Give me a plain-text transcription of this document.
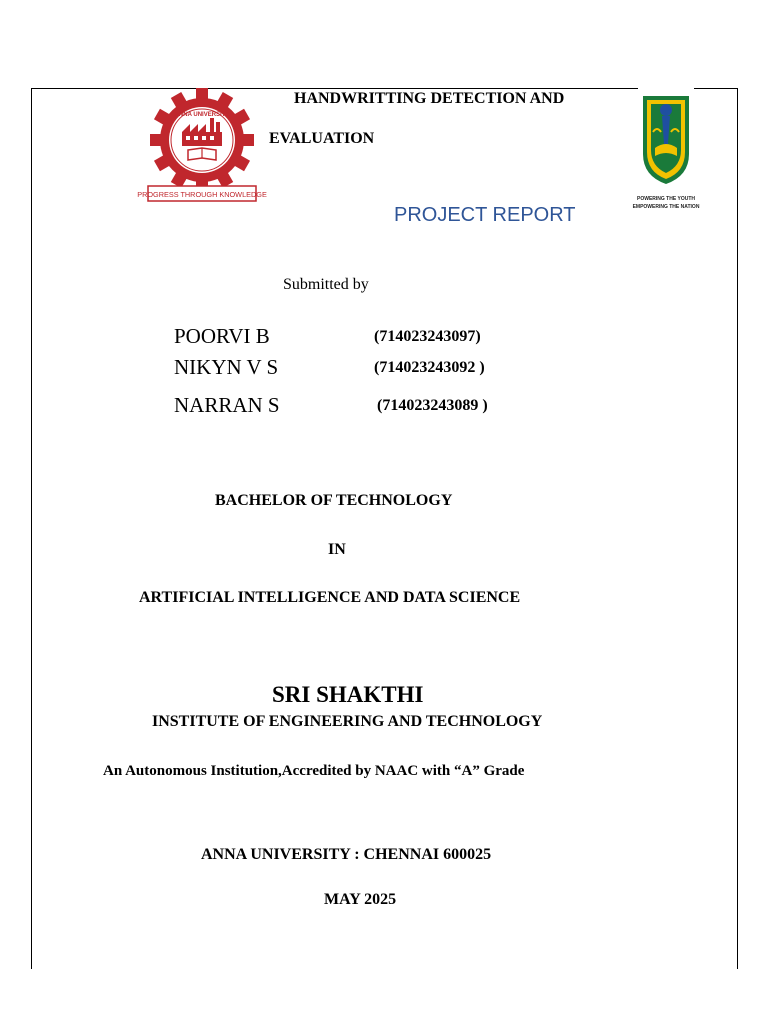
ANNA UNIVERSITY
PROGRESS THROUGH KNOWLEDGE	POWERING THE YOUTH
EMPOWERING THE NATION
HANDWRITTING DETECTION AND
EVALUATION
PROJECT REPORT
Submitted by
POORVI B	(714023243097)
NIKYN V S	(714023243092 )
NARRAN S	(714023243089 )
BACHELOR OF TECHNOLOGY
IN
ARTIFICIAL INTELLIGENCE AND DATA SCIENCE
SRI SHAKTHI
INSTITUTE OF ENGINEERING AND TECHNOLOGY
An Autonomous Institution,Accredited by NAAC with “A” Grade
ANNA UNIVERSITY : CHENNAI 600025
MAY 2025
